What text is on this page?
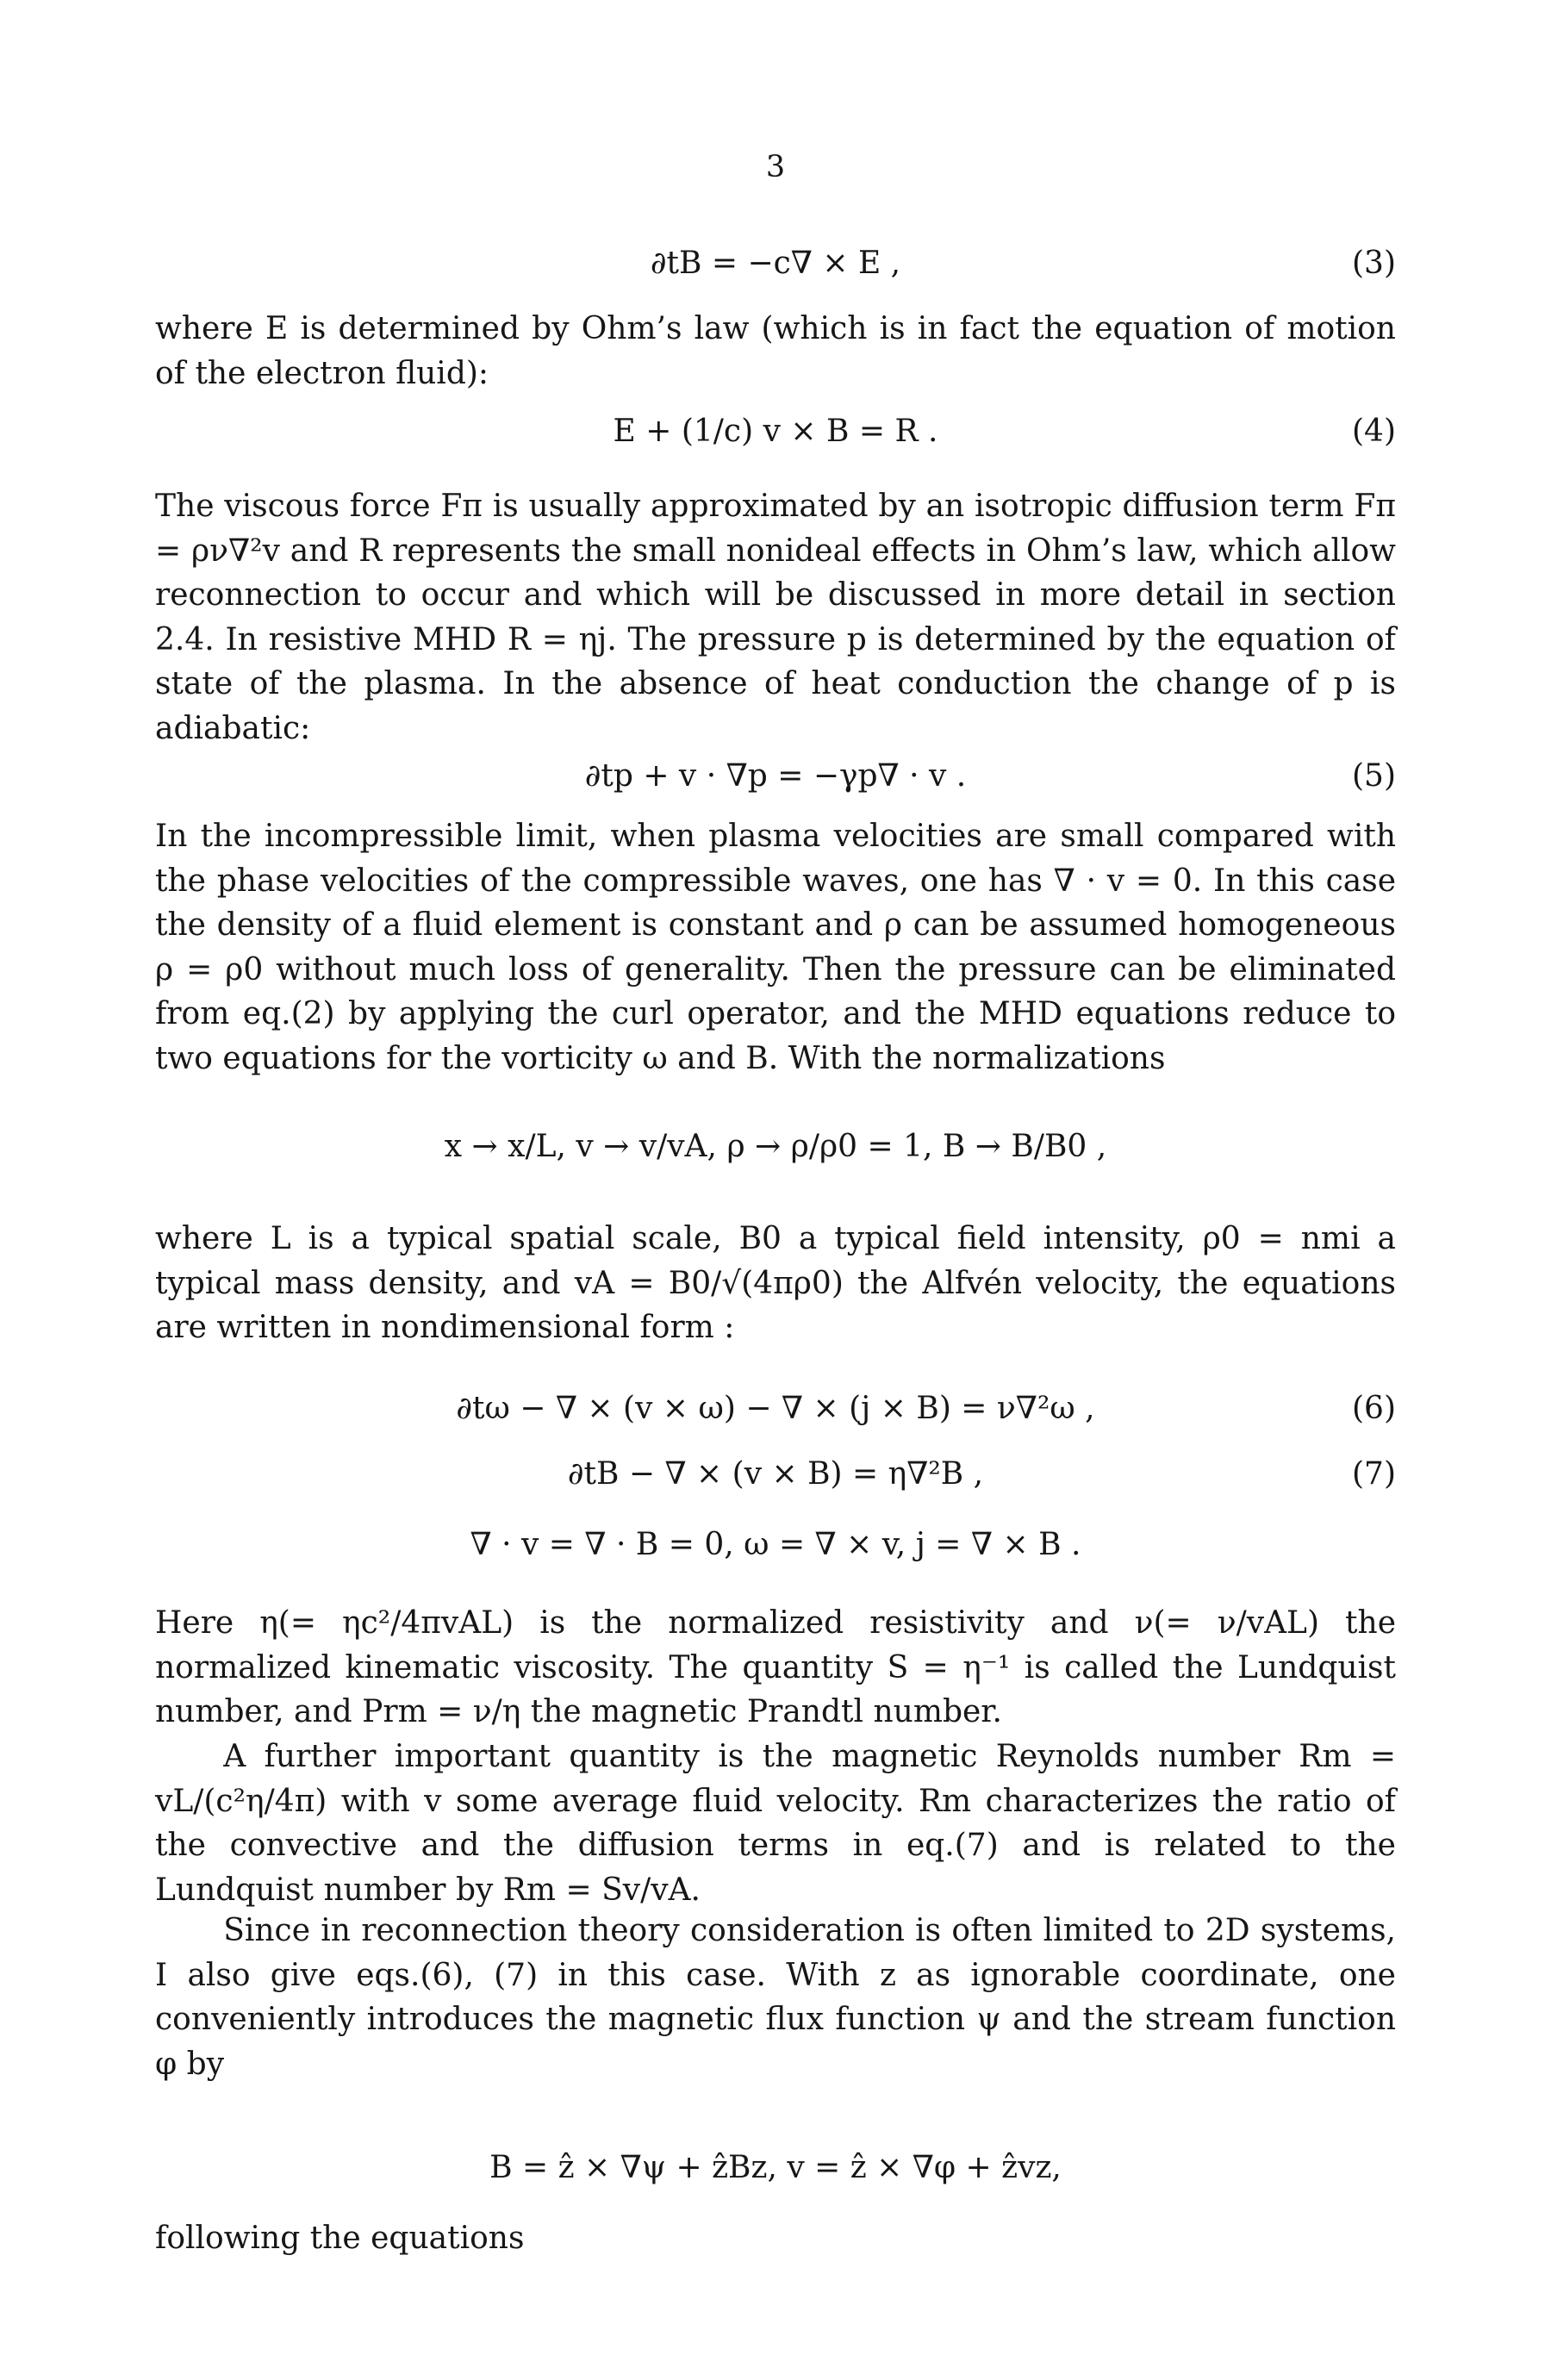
3
∂tB = −c∇ × E ,	(3)

where E is determined by Ohm’s law (which is in fact the equation of motion of the electron fluid):

E + (1/c) v × B = R .	(4)

The viscous force Fπ is usually approximated by an isotropic diffusion term Fπ = ρν∇²v and R represents the small nonideal effects in Ohm’s law, which allow reconnection to occur and which will be discussed in more detail in section 2.4. In resistive MHD R = ηj. The pressure p is determined by the equation of state of the plasma. In the absence of heat conduction the change of p is adiabatic:

∂tp + v · ∇p = −γp∇ · v .	(5)

In the incompressible limit, when plasma velocities are small compared with the phase velocities of the compressible waves, one has ∇ · v = 0. In this case the density of a fluid element is constant and ρ can be assumed homogeneous ρ = ρ0 without much loss of generality. Then the pressure can be eliminated from eq.(2) by applying the curl operator, and the MHD equations reduce to two equations for the vorticity ω and B. With the normalizations

x → x/L, v → v/vA, ρ → ρ/ρ0 = 1, B → B/B0 ,

where L is a typical spatial scale, B0 a typical field intensity, ρ0 = nmi a typical mass density, and vA = B0/√(4πρ0) the Alfvén velocity, the equations are written in nondimensional form :

∂tω − ∇ × (v × ω) − ∇ × (j × B) = ν∇²ω ,	(6)
∂tB − ∇ × (v × B) = η∇²B ,	(7)
∇ · v = ∇ · B = 0, ω = ∇ × v, j = ∇ × B .

Here η(= ηc²/4πvAL) is the normalized resistivity and ν(= ν/vAL) the normalized kinematic viscosity. The quantity S = η⁻¹ is called the Lundquist number, and Prm = ν/η the magnetic Prandtl number.

A further important quantity is the magnetic Reynolds number Rm = vL/(c²η/4π) with v some average fluid velocity. Rm characterizes the ratio of the convective and the diffusion terms in eq.(7) and is related to the Lundquist number by Rm = Sv/vA.

Since in reconnection theory consideration is often limited to 2D systems, I also give eqs.(6), (7) in this case. With z as ignorable coordinate, one conveniently introduces the magnetic flux function ψ and the stream function φ by

B = ẑ × ∇ψ + ẑBz, v = ẑ × ∇φ + ẑvz,

following the equations
